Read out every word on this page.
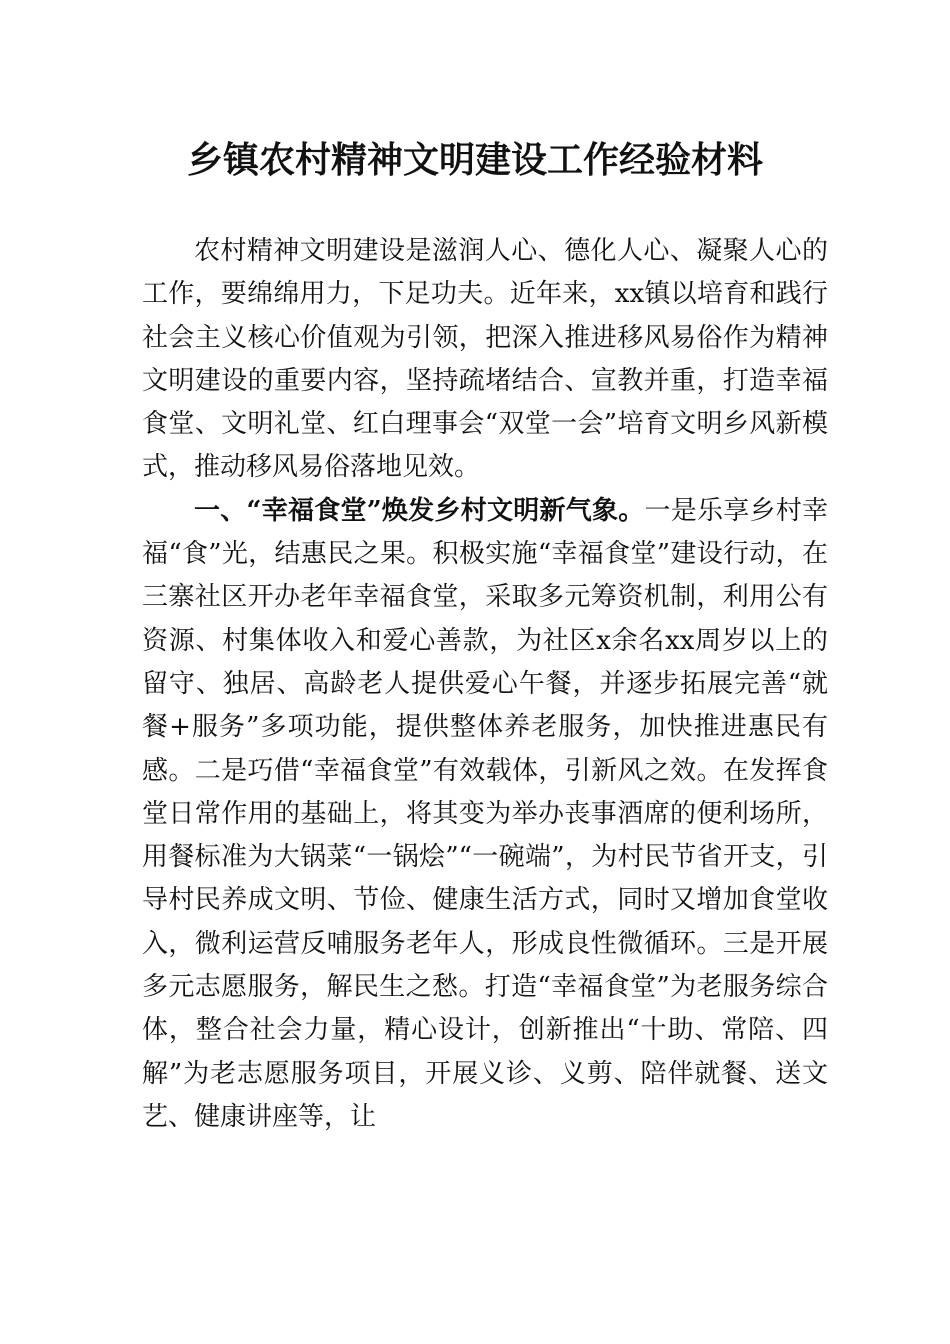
乡镇农村精神文明建设工作经验材料

农村精神文明建设是滋润人心、德化人心、凝聚人心的工作，要绵绵用力，下足功夫。近年来，xx镇以培育和践行社会主义核心价值观为引领，把深入推进移风易俗作为精神文明建设的重要内容，坚持疏堵结合、宣教并重，打造幸福食堂、文明礼堂、红白理事会“双堂一会”培育文明乡风新模式，推动移风易俗落地见效。

一、“幸福食堂”焕发乡村文明新气象。一是乐享乡村幸福“食”光，结惠民之果。积极实施“幸福食堂”建设行动，在三寨社区开办老年幸福食堂，采取多元筹资机制，利用公有资源、村集体收入和爱心善款，为社区x余名xx周岁以上的留守、独居、高龄老人提供爱心午餐，并逐步拓展完善“就餐+服务”多项功能，提供整体养老服务，加快推进惠民有感。二是巧借“幸福食堂”有效载体，引新风之效。在发挥食堂日常作用的基础上，将其变为举办丧事酒席的便利场所，用餐标准为大锅菜“一锅烩”“一碗端”，为村民节省开支，引导村民养成文明、节俭、健康生活方式，同时又增加食堂收入，微利运营反哺服务老年人，形成良性微循环。三是开展多元志愿服务，解民生之愁。打造“幸福食堂”为老服务综合体，整合社会力量，精心设计，创新推出“十助、常陪、四解”为老志愿服务项目，开展义诊、义剪、陪伴就餐、送文艺、健康讲座等，让
